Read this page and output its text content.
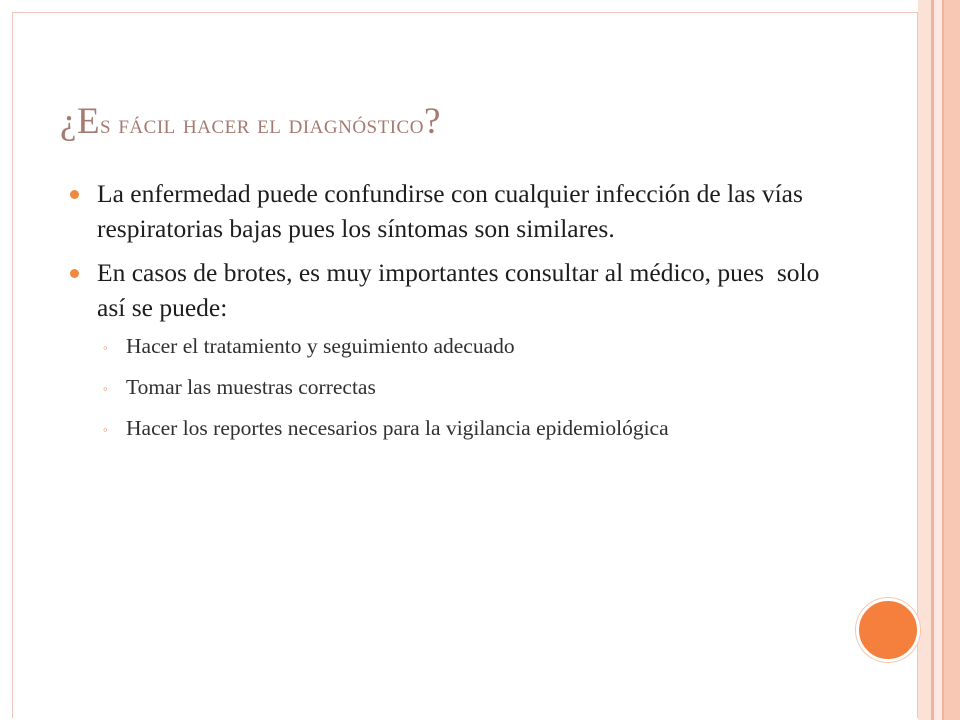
¿Es fácil hacer el diagnóstico?
La enfermedad puede confundirse con cualquier infección de las vías respiratorias bajas pues los síntomas son similares.
En casos de brotes, es muy importantes consultar al médico, pues  solo así se puede:
◦ Hacer el tratamiento y seguimiento adecuado
◦ Tomar las muestras correctas
◦ Hacer los reportes necesarios para la vigilancia epidemiológica
